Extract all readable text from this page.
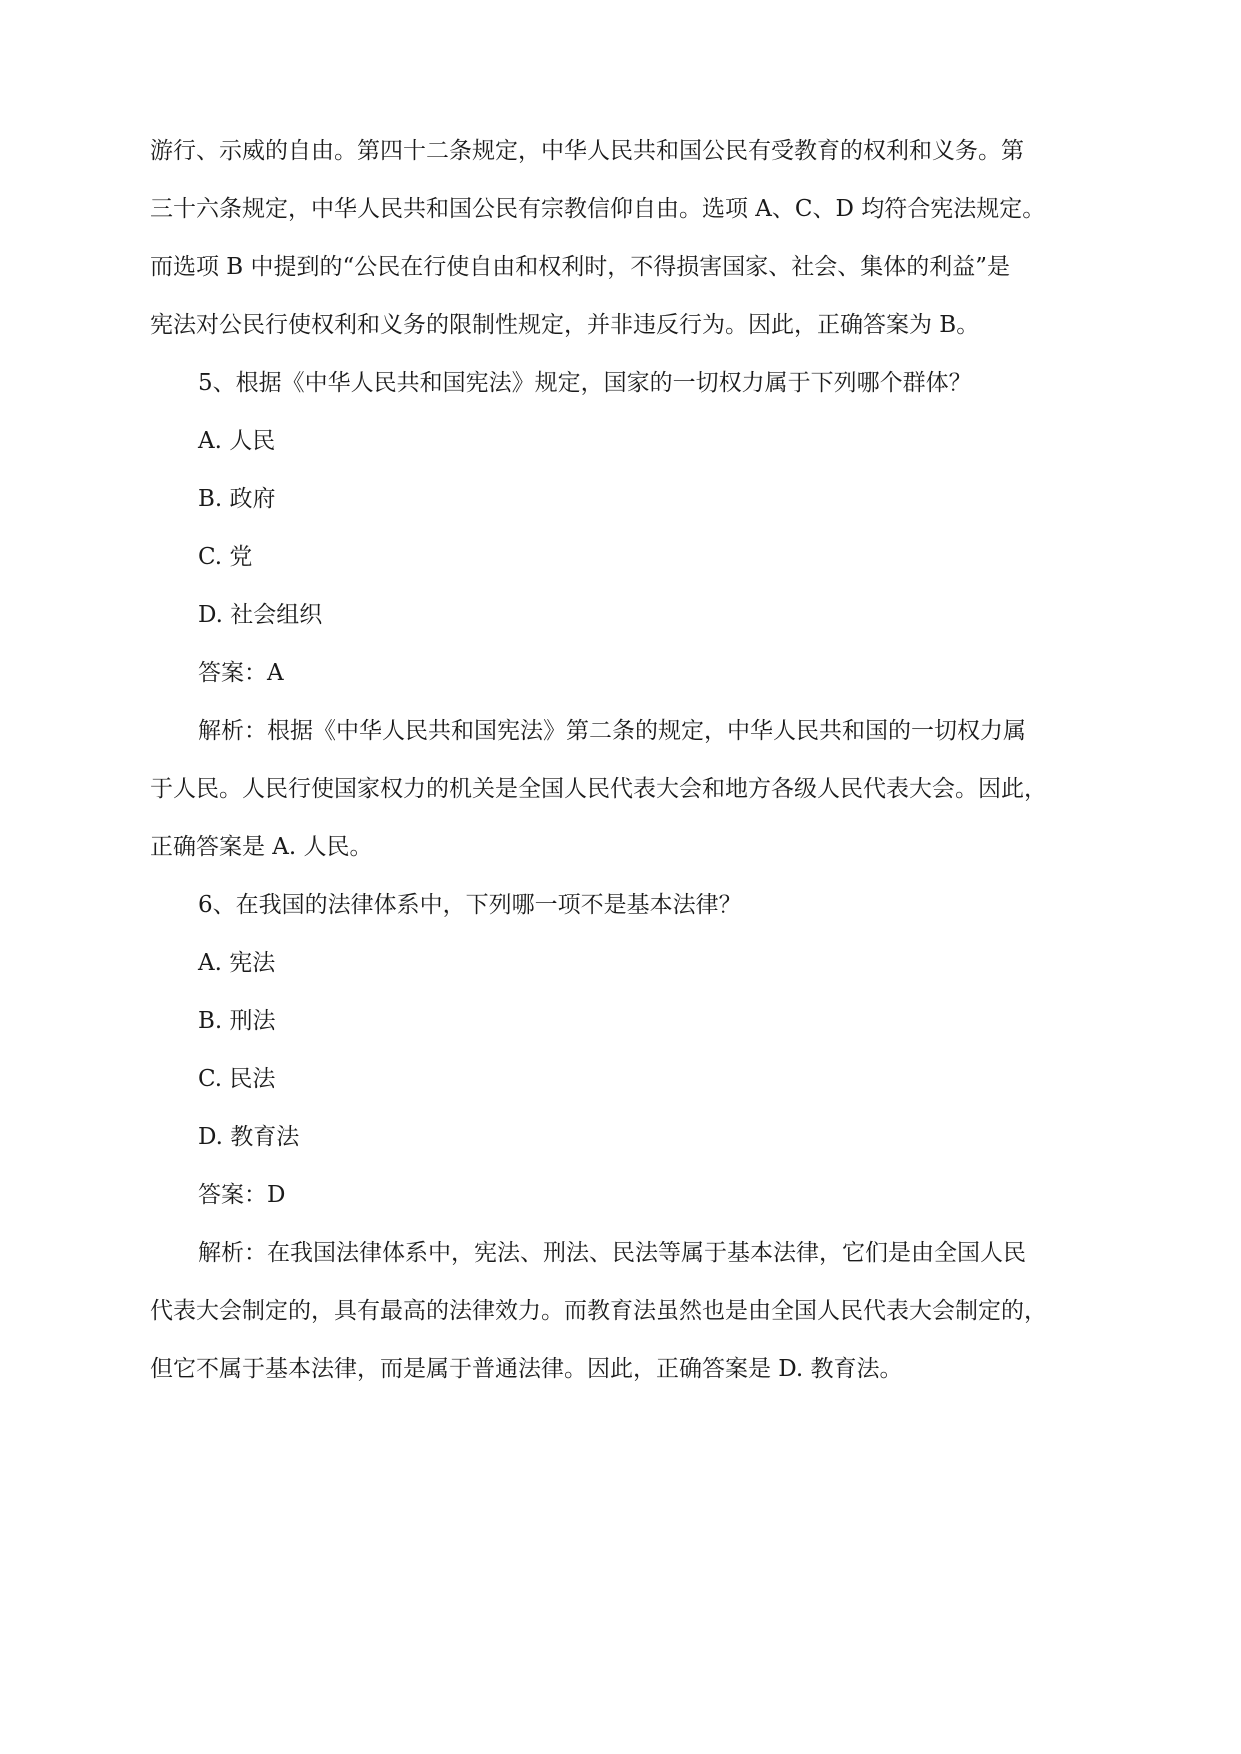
游行、示威的自由。第四十二条规定，中华人民共和国公民有受教育的权利和义务。第
三十六条规定，中华人民共和国公民有宗教信仰自由。选项 A、C、D 均符合宪法规定。
而选项 B 中提到的“公民在行使自由和权利时，不得损害国家、社会、集体的利益”是
宪法对公民行使权利和义务的限制性规定，并非违反行为。因此，正确答案为 B。
5、根据《中华人民共和国宪法》规定，国家的一切权力属于下列哪个群体？
A. 人民
B. 政府
C. 党
D. 社会组织
答案：A
解析：根据《中华人民共和国宪法》第二条的规定，中华人民共和国的一切权力属
于人民。人民行使国家权力的机关是全国人民代表大会和地方各级人民代表大会。因此，
正确答案是 A. 人民。
6、在我国的法律体系中，下列哪一项不是基本法律？
A. 宪法
B. 刑法
C. 民法
D. 教育法
答案：D
解析：在我国法律体系中，宪法、刑法、民法等属于基本法律，它们是由全国人民
代表大会制定的，具有最高的法律效力。而教育法虽然也是由全国人民代表大会制定的，
但它不属于基本法律，而是属于普通法律。因此，正确答案是 D. 教育法。
